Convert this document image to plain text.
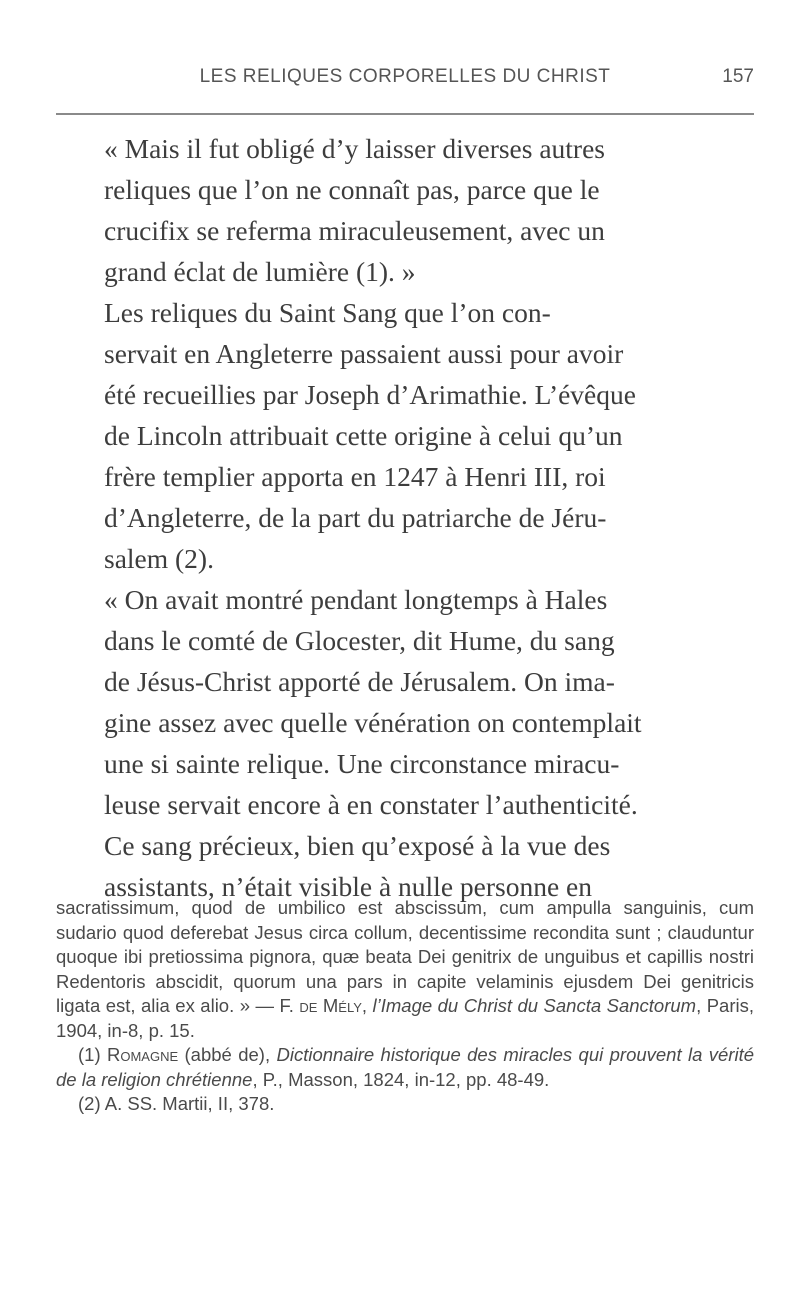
LES RELIQUES CORPORELLES DU CHRIST	157

« Mais il fut obligé d’y laisser diverses autres
reliques que l’on ne connaît pas, parce que le
crucifix se referma miraculeusement, avec un
grand éclat de lumière (1). »

Les reliques du Saint Sang que l’on con-
servait en Angleterre passaient aussi pour avoir
été recueillies par Joseph d’Arimathie. L’évêque
de Lincoln attribuait cette origine à celui qu’un
frère templier apporta en 1247 à Henri III, roi
d’Angleterre, de la part du patriarche de Jéru-
salem (2).

« On avait montré pendant longtemps à Hales
dans le comté de Glocester, dit Hume, du sang
de Jésus-Christ apporté de Jérusalem. On ima-
gine assez avec quelle vénération on contemplait
une si sainte relique. Une circonstance miracu-
leuse servait encore à en constater l’authenticité.
Ce sang précieux, bien qu’exposé à la vue des
assistants, n’était visible à nulle personne en

sacratissimum, quod de umbilico est abscissum, cum ampulla sanguinis, cum sudario quod deferebat Jesus circa collum, decentissime recondita sunt ; clauduntur quoque ibi pretiossima pignora, quæ beata Dei genitrix de unguibus et capillis nostri Redentoris abscidit, quorum una pars in capite velaminis ejusdem Dei genitricis ligata est, alia ex alio. » — F. de Mély, l’Image du Christ du Sancta Sanctorum, Paris, 1904, in-8, p. 15.

(1) Romagne (abbé de), Dictionnaire historique des miracles qui prouvent la vérité de la religion chrétienne, P., Masson, 1824, in-12, pp. 48-49.

(2) A. SS. Martii, II, 378.
